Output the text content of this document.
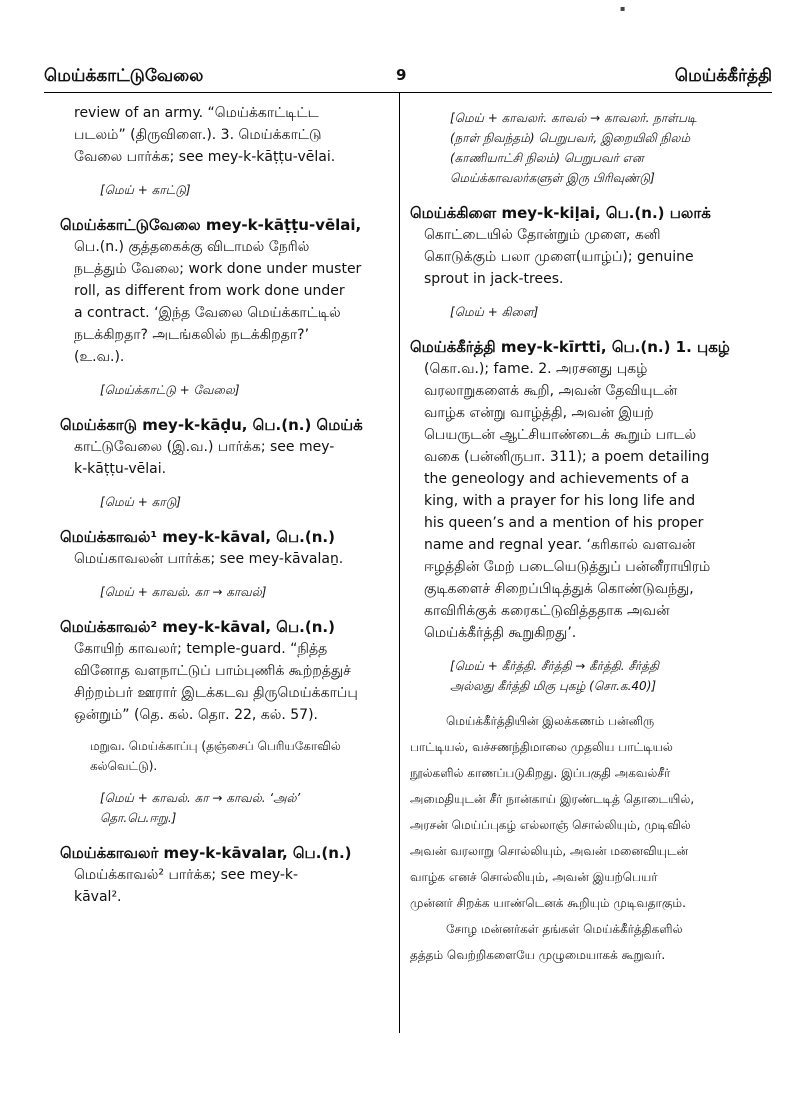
▪
மெய்க்காட்டுவேலை	9	மெய்க்கீர்த்தி

review of an army. “மெய்க்காட்டிட்ட

படலம்” (திருவிளை.). 3. மெய்க்காட்டு

வேலை பார்க்க; see mey-k-kāṭṭu-vēlai.

[மெய் + காட்டு]

மெய்க்காட்டுவேலை mey-k-kāṭṭu-vēlai,

பெ.(n.) குத்தகைக்கு விடாமல் நேரில்

நடத்தும் வேலை; work done under muster

roll, as different from work done under

a contract. ‘இந்த வேலை மெய்க்காட்டில்

நடக்கிறதா? அடங்கலில் நடக்கிறதா?’

(உ.வ.).

[மெய்க்காட்டு + வேலை]

மெய்க்காடு mey-k-kāḍu, பெ.(n.) மெய்க்

காட்டுவேலை (இ.வ.) பார்க்க; see mey-

k-kāṭṭu-vēlai.

[மெய் + காடு]

மெய்க்காவல்¹ mey-k-kāval, பெ.(n.)

மெய்காவலன் பார்க்க; see mey-kāvalaṉ.

[மெய் + காவல். கா → காவல்]

மெய்க்காவல்² mey-k-kāval, பெ.(n.)

கோயிற் காவலர்; temple-guard. “நித்த

வினோத வளநாட்டுப் பாம்புணிக் கூற்றத்துச்

சிற்றம்பர் ஊரார் இடக்கடவ திருமெய்க்காப்பு

ஒன்றும்” (தெ. கல். தொ. 22, கல். 57).

மறுவ. மெய்க்காப்பு (தஞ்சைப் பெரியகோவில்
கல்வெட்டு).
[மெய் + காவல். கா → காவல். ‘அல்’
தொ.பெ.ஈறு.]

மெய்க்காவலர் mey-k-kāvalar, பெ.(n.)

மெய்க்காவல்² பார்க்க; see mey-k-

kāval².

[மெய் + காவலர். காவல் → காவலர். நாள்படி
(நாள் நிவந்தம்) பெறுபவர், இறையிலி நிலம்
(காணியாட்சி நிலம்) பெறுபவர் என
மெய்க்காவலர்களுள் இரு பிரிவுண்டு]

மெய்க்கிளை mey-k-kiḷai, பெ.(n.) பலாக்

கொட்டையில் தோன்றும் முளை, கனி

கொடுக்கும் பலா முளை(யாழ்ப்); genuine

sprout in jack-trees.

[மெய் + கிளை]

மெய்க்கீர்த்தி mey-k-kīrtti, பெ.(n.) 1. புகழ்

(கொ.வ.); fame. 2. அரசனது புகழ்

வரலாறுகளைக் கூறி, அவன் தேவியுடன்

வாழ்க என்று வாழ்த்தி, அவன் இயற்

பெயருடன் ஆட்சியாண்டைக் கூறும் பாடல்

வகை (பன்னிருபா. 311); a poem detailing

the geneology and achievements of a

king, with a prayer for his long life and

his queen’s and a mention of his proper

name and regnal year. ‘கரிகால் வளவன்

ஈழத்தின் மேற் படையெடுத்துப் பன்னீராயிரம்

குடிகளைச் சிறைப்பிடித்துக் கொண்டுவந்து,

காவிரிக்குக் கரைகட்டுவித்ததாக அவன்

மெய்க்கீர்த்தி கூறுகிறது’.

[மெய் + கீர்த்தி. சீர்த்தி → கீர்த்தி. சீர்த்தி
அல்லது கீர்த்தி மிகு புகழ் (சொ.க.40)]

மெய்க்கீர்த்தியின் இலக்கணம் பன்னிரு

பாட்டியல், வச்சணந்திமாலை முதலிய பாட்டியல்

நூல்களில் காணப்படுகிறது. இப்பகுதி அகவல்சீர்

அமைதியுடன் சீர் நான்காய் இரண்டடித் தொடையில்,

அரசன் மெய்ப்புகழ் எல்லாஞ் சொல்லியும், முடிவில்

அவன் வரலாறு சொல்லியும், அவன் மனைவியுடன்

வாழ்க எனச் சொல்லியும், அவன் இயற்பெயர்

முன்னர் சிறக்க யாண்டெனக் கூறியும் முடிவதாகும்.

சோழ மன்னர்கள் தங்கள் மெய்க்கீர்த்திகளில்

தத்தம் வெற்றிகளையே முழுமையாகக் கூறுவர்.
